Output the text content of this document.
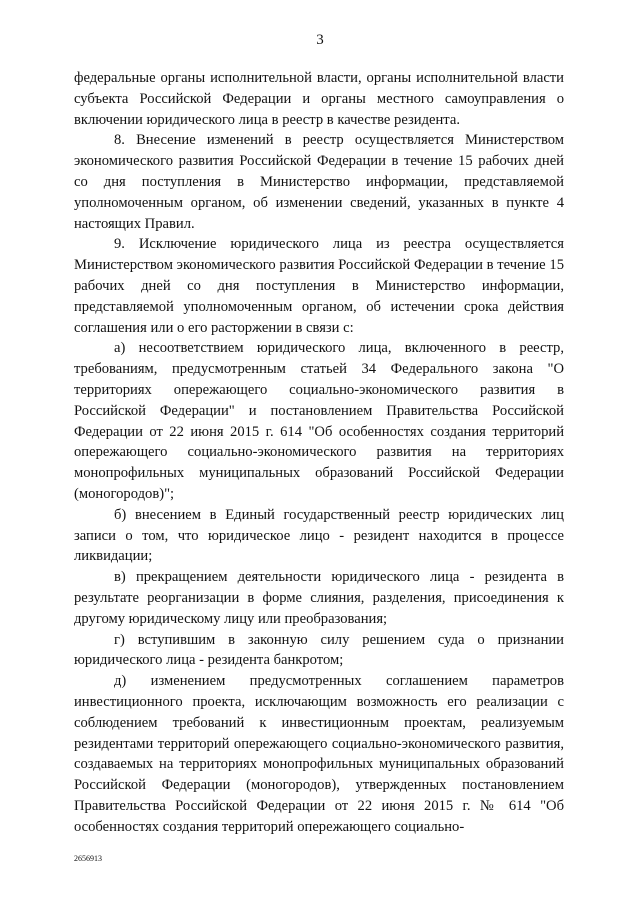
3

федеральные органы исполнительной власти, органы исполнительной власти субъекта Российской Федерации и органы местного самоуправления о включении юридического лица в реестр в качестве резидента.

8. Внесение изменений в реестр осуществляется Министерством экономического развития Российской Федерации в течение 15 рабочих дней со дня поступления в Министерство информации, представляемой уполномоченным органом, об изменении сведений, указанных в пункте 4 настоящих Правил.

9. Исключение юридического лица из реестра осуществляется Министерством экономического развития Российской Федерации в течение 15 рабочих дней со дня поступления в Министерство информации, представляемой уполномоченным органом, об истечении срока действия соглашения или о его расторжении в связи с:

а) несоответствием юридического лица, включенного в реестр, требованиям, предусмотренным статьей 34 Федерального закона "О территориях опережающего социально-экономического развития в Российской Федерации" и постановлением Правительства Российской Федерации от 22 июня 2015 г. 614 "Об особенностях создания территорий опережающего социально-экономического развития на территориях монопрофильных муниципальных образований Российской Федерации (моногородов)";

б) внесением в Единый государственный реестр юридических лиц записи о том, что юридическое лицо - резидент находится в процессе ликвидации;

в) прекращением деятельности юридического лица - резидента в результате реорганизации в форме слияния, разделения, присоединения к другому юридическому лицу или преобразования;

г) вступившим в законную силу решением суда о признании юридического лица - резидента банкротом;

д) изменением предусмотренных соглашением параметров инвестиционного проекта, исключающим возможность его реализации с соблюдением требований к инвестиционным проектам, реализуемым резидентами территорий опережающего социально-экономического развития, создаваемых на территориях монопрофильных муниципальных образований Российской Федерации (моногородов), утвержденных постановлением Правительства Российской Федерации от 22 июня 2015 г. № 614 "Об особенностях создания территорий опережающего социально-

2656913
